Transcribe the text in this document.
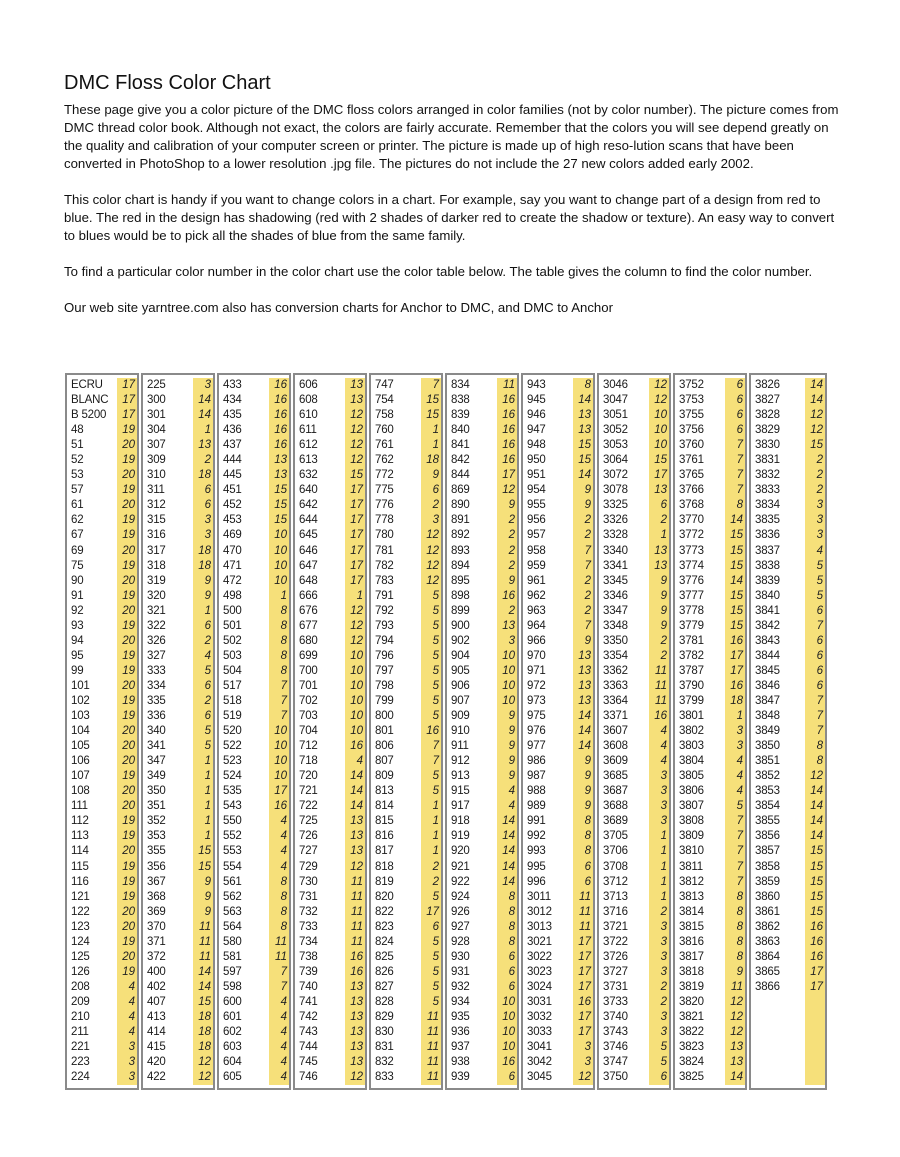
DMC Floss Color Chart

These page give you a color picture of the DMC floss colors arranged in color families (not by color number). The picture comes from DMC thread color book. Although not exact, the colors are fairly accurate. Remember that the colors you will see depend greatly on the quality and calibration of your computer screen or printer. The picture is made up of high reso-lution scans that have been converted in PhotoShop to a lower resolution .jpg file. The pictures do not include the 27 new colors added early 2002.

This color chart is handy if you want to change colors in a chart. For example, say you want to change part of a design from red to blue. The red in the design has shadowing (red with 2 shades of darker red to create the shadow or texture). An easy way to convert to blues would be to pick all the shades of blue from the same family.

To find a particular color number in the color chart use the color table below. The table gives the column to find the color number.

Our web site yarntree.com also has conversion charts for Anchor to DMC, and DMC to Anchor

ECRU	17
BLANC	17
B 5200	17
48	19
51	20
52	19
53	20
57	19
61	20
62	19
67	19
69	20
75	19
90	20
91	19
92	20
93	19
94	20
95	19
99	19
101	20
102	19
103	19
104	20
105	20
106	20
107	19
108	20
111	20
112	19
113	19
114	20
115	19
116	19
121	19
122	20
123	20
124	19
125	20
126	19
208	4
209	4
210	4
211	4
221	3
223	3
224	3
225	3
300	14
301	14
304	1
307	13
309	2
310	18
311	6
312	6
315	3
316	3
317	18
318	18
319	9
320	9
321	1
322	6
326	2
327	4
333	5
334	6
335	2
336	6
340	5
341	5
347	1
349	1
350	1
351	1
352	1
353	1
355	15
356	15
367	9
368	9
369	9
370	11
371	11
372	11
400	14
402	14
407	15
413	18
414	18
415	18
420	12
422	12
433	16
434	16
435	16
436	16
437	16
444	13
445	13
451	15
452	15
453	15
469	10
470	10
471	10
472	10
498	1
500	8
501	8
502	8
503	8
504	8
517	7
518	7
519	7
520	10
522	10
523	10
524	10
535	17
543	16
550	4
552	4
553	4
554	4
561	8
562	8
563	8
564	8
580	11
581	11
597	7
598	7
600	4
601	4
602	4
603	4
604	4
605	4
606	13
608	13
610	12
611	12
612	12
613	12
632	15
640	17
642	17
644	17
645	17
646	17
647	17
648	17
666	1
676	12
677	12
680	12
699	10
700	10
701	10
702	10
703	10
704	10
712	16
718	4
720	14
721	14
722	14
725	13
726	13
727	13
729	12
730	11
731	11
732	11
733	11
734	11
738	16
739	16
740	13
741	13
742	13
743	13
744	13
745	13
746	12
747	7
754	15
758	15
760	1
761	1
762	18
772	9
775	6
776	2
778	3
780	12
781	12
782	12
783	12
791	5
792	5
793	5
794	5
796	5
797	5
798	5
799	5
800	5
801	16
806	7
807	7
809	5
813	5
814	1
815	1
816	1
817	1
818	2
819	2
820	5
822	17
823	6
824	5
825	5
826	5
827	5
828	5
829	11
830	11
831	11
832	11
833	11
834	11
838	16
839	16
840	16
841	16
842	16
844	17
869	12
890	9
891	2
892	2
893	2
894	2
895	9
898	16
899	2
900	13
902	3
904	10
905	10
906	10
907	10
909	9
910	9
911	9
912	9
913	9
915	4
917	4
918	14
919	14
920	14
921	14
922	14
924	8
926	8
927	8
928	8
930	6
931	6
932	6
934	10
935	10
936	10
937	10
938	16
939	6
943	8
945	14
946	13
947	13
948	15
950	15
951	14
954	9
955	9
956	2
957	2
958	7
959	7
961	2
962	2
963	2
964	7
966	9
970	13
971	13
972	13
973	13
975	14
976	14
977	14
986	9
987	9
988	9
989	9
991	8
992	8
993	8
995	6
996	6
3011	11
3012	11
3013	11
3021	17
3022	17
3023	17
3024	17
3031	16
3032	17
3033	17
3041	3
3042	3
3045	12
3046	12
3047	12
3051	10
3052	10
3053	10
3064	15
3072	17
3078	13
3325	6
3326	2
3328	1
3340	13
3341	13
3345	9
3346	9
3347	9
3348	9
3350	2
3354	2
3362	11
3363	11
3364	11
3371	16
3607	4
3608	4
3609	4
3685	3
3687	3
3688	3
3689	3
3705	1
3706	1
3708	1
3712	1
3713	1
3716	2
3721	3
3722	3
3726	3
3727	3
3731	2
3733	2
3740	3
3743	3
3746	5
3747	5
3750	6
3752	6
3753	6
3755	6
3756	6
3760	7
3761	7
3765	7
3766	7
3768	8
3770	14
3772	15
3773	15
3774	15
3776	14
3777	15
3778	15
3779	15
3781	16
3782	17
3787	17
3790	16
3799	18
3801	1
3802	3
3803	3
3804	4
3805	4
3806	4
3807	5
3808	7
3809	7
3810	7
3811	7
3812	7
3813	8
3814	8
3815	8
3816	8
3817	8
3818	9
3819	11
3820	12
3821	12
3822	12
3823	13
3824	13
3825	14
3826	14
3827	14
3828	12
3829	12
3830	15
3831	2
3832	2
3833	2
3834	3
3835	3
3836	3
3837	4
3838	5
3839	5
3840	5
3841	6
3842	7
3843	6
3844	6
3845	6
3846	6
3847	7
3848	7
3849	7
3850	8
3851	8
3852	12
3853	14
3854	14
3855	14
3856	14
3857	15
3858	15
3859	15
3860	15
3861	15
3862	16
3863	16
3864	16
3865	17
3866	17
